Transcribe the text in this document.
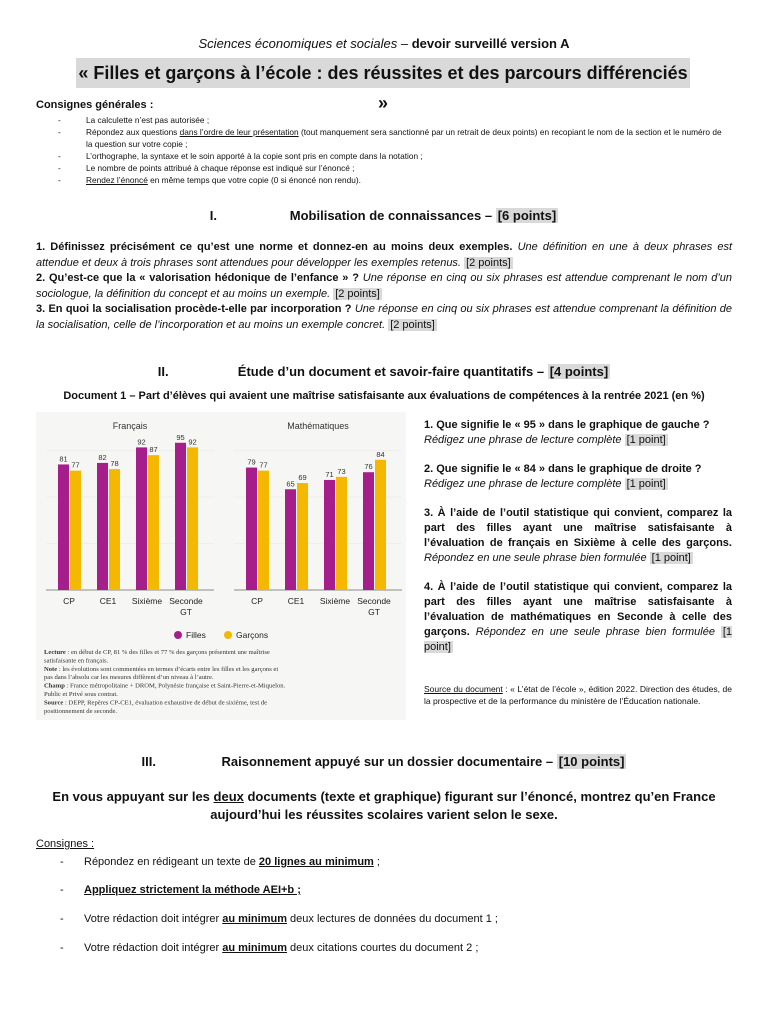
Sciences économiques et sociales – devoir surveillé version A
« Filles et garçons à l’école : des réussites et des parcours différenciés »
Consignes générales :
-	La calculette n’est pas autorisée ;
-	Répondez aux questions dans l’ordre de leur présentation (tout manquement sera sanctionné par un retrait de deux points) en recopiant le nom de la section et le numéro de la question sur votre copie ;
-	L’orthographe, la syntaxe et le soin apporté à la copie sont pris en compte dans la notation ;
-	Le nombre de points attribué à chaque réponse est indiqué sur l’énoncé ;
-	Rendez l’énoncé en même temps que votre copie (0 si énoncé non rendu).
I.	Mobilisation de connaissances – [6 points]
1. Définissez précisément ce qu’est une norme et donnez-en au moins deux exemples. Une définition en une à deux phrases est attendue et deux à trois phrases sont attendues pour développer les exemples retenus. [2 points]
2. Qu’est-ce que la « valorisation hédonique de l’enfance » ? Une réponse en cinq ou six phrases est attendue comprenant le nom d’un sociologue, la définition du concept et au moins un exemple. [2 points]
3. En quoi la socialisation procède-t-elle par incorporation ? Une réponse en cinq ou six phrases est attendue comprenant la définition de la socialisation, celle de l’incorporation et au moins un exemple concret. [2 points]
II.	Étude d’un document et savoir-faire quantitatifs – [4 points]
Document 1 – Part d’élèves qui avaient une maîtrise satisfaisante aux évaluations de compétences à la rentrée 2021 (en %)
Français
81
77
CP
82
78
CE1
92
87
Sixième
95
92
Seconde
GT
Mathématiques
79 77
CP
65
69
CE1
71 73
Sixième
76
84
Seconde
GT
Filles	Garçons
Lecture : en début de CP, 81 % des filles et 77 % des garçons présentent une maîtrise
satisfaisante en français.
Note : les évolutions sont commentées en termes d’écarts entre les filles et les garçons et
pas dans l’absolu car les mesures diffèrent d’un niveau à l’autre.
Champ : France métropolitaine + DROM, Polynésie française et Saint-Pierre-et-Miquelon.
Public et Privé sous contrat.
Source : DEPP, Repères CP-CE1, évaluation exhaustive de début de sixième, test de
positionnement de seconde.
1. Que signifie le « 95 » dans le graphique de gauche ?
Rédigez une phrase de lecture complète [1 point]
2. Que signifie le « 84 » dans le graphique de droite ?
Rédigez une phrase de lecture complète [1 point]
3. À l’aide de l’outil statistique qui convient, comparez la part des filles ayant une maîtrise satisfaisante à l’évaluation de français en Sixième à celle des garçons. Répondez en une seule phrase bien formulée [1 point]
4. À l’aide de l’outil statistique qui convient, comparez la part des filles ayant une maîtrise satisfaisante à l’évaluation de mathématiques en Seconde à celle des garçons. Répondez en une seule phrase bien formulée [1 point]
Source du document : « L’état de l’école », édition 2022. Direction des études, de la prospective et de la performance du ministère de l’Éducation nationale.
III.	Raisonnement appuyé sur un dossier documentaire – [10 points]
En vous appuyant sur les deux documents (texte et graphique) figurant sur l’énoncé, montrez qu’en France aujourd’hui les réussites scolaires varient selon le sexe.
Consignes :
- Répondez en rédigeant un texte de 20 lignes au minimum ;
- Appliquez strictement la méthode AEI+b ;
- Votre rédaction doit intégrer au minimum deux lectures de données du document 1 ;
- Votre rédaction doit intégrer au minimum deux citations courtes du document 2 ;
